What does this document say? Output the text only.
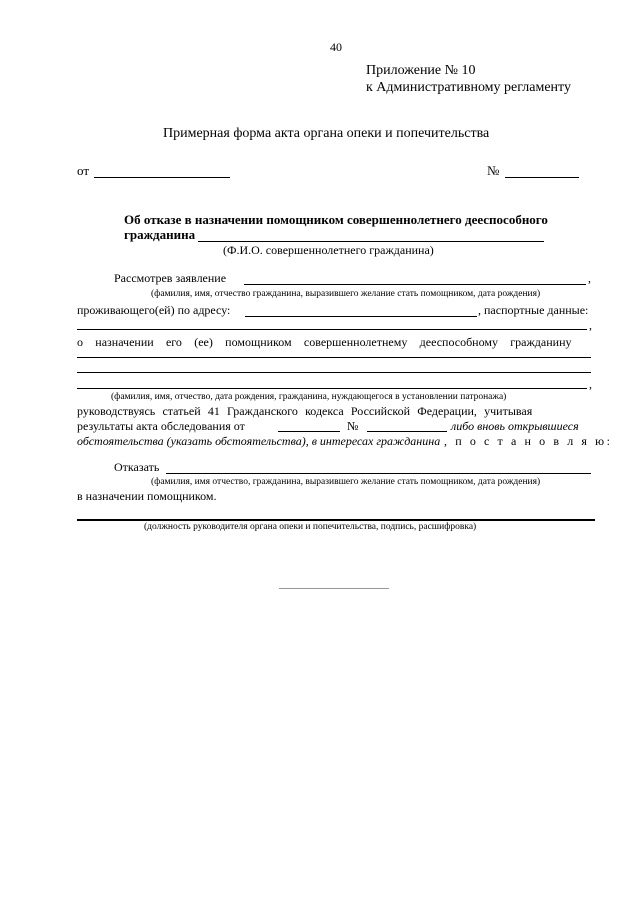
40
Приложение № 10
к Административному регламенту
Примерная форма акта органа опеки и попечительства
от	№
Об отказе в назначении помощником совершеннолетнего дееспособного
гражданина
(Ф.И.О. совершеннолетнего гражданина)
Рассмотрев заявление	,
(фамилия, имя, отчество гражданина, выразившего желание стать помощником, дата рождения)
проживающего(ей) по адресу:	, паспортные данные:
,
о назначении его (ее) помощником совершеннолетнему дееспособному гражданину
,
(фамилия, имя, отчество, дата рождения, гражданина, нуждающегося в установлении патронажа)
руководствуясь статьей 41 Гражданского кодекса Российской Федерации, учитывая
результаты акта обследования от	№	либо вновь открывшиеся
обстоятельства (указать обстоятельства), в интересах гражданина , п о с т а н о в л я ю:
Отказать
(фамилия, имя отчество, гражданина, выразившего желание стать помощником, дата рождения)
в назначении помощником.
(должность руководителя органа опеки и попечительства, подпись, расшифровка)
